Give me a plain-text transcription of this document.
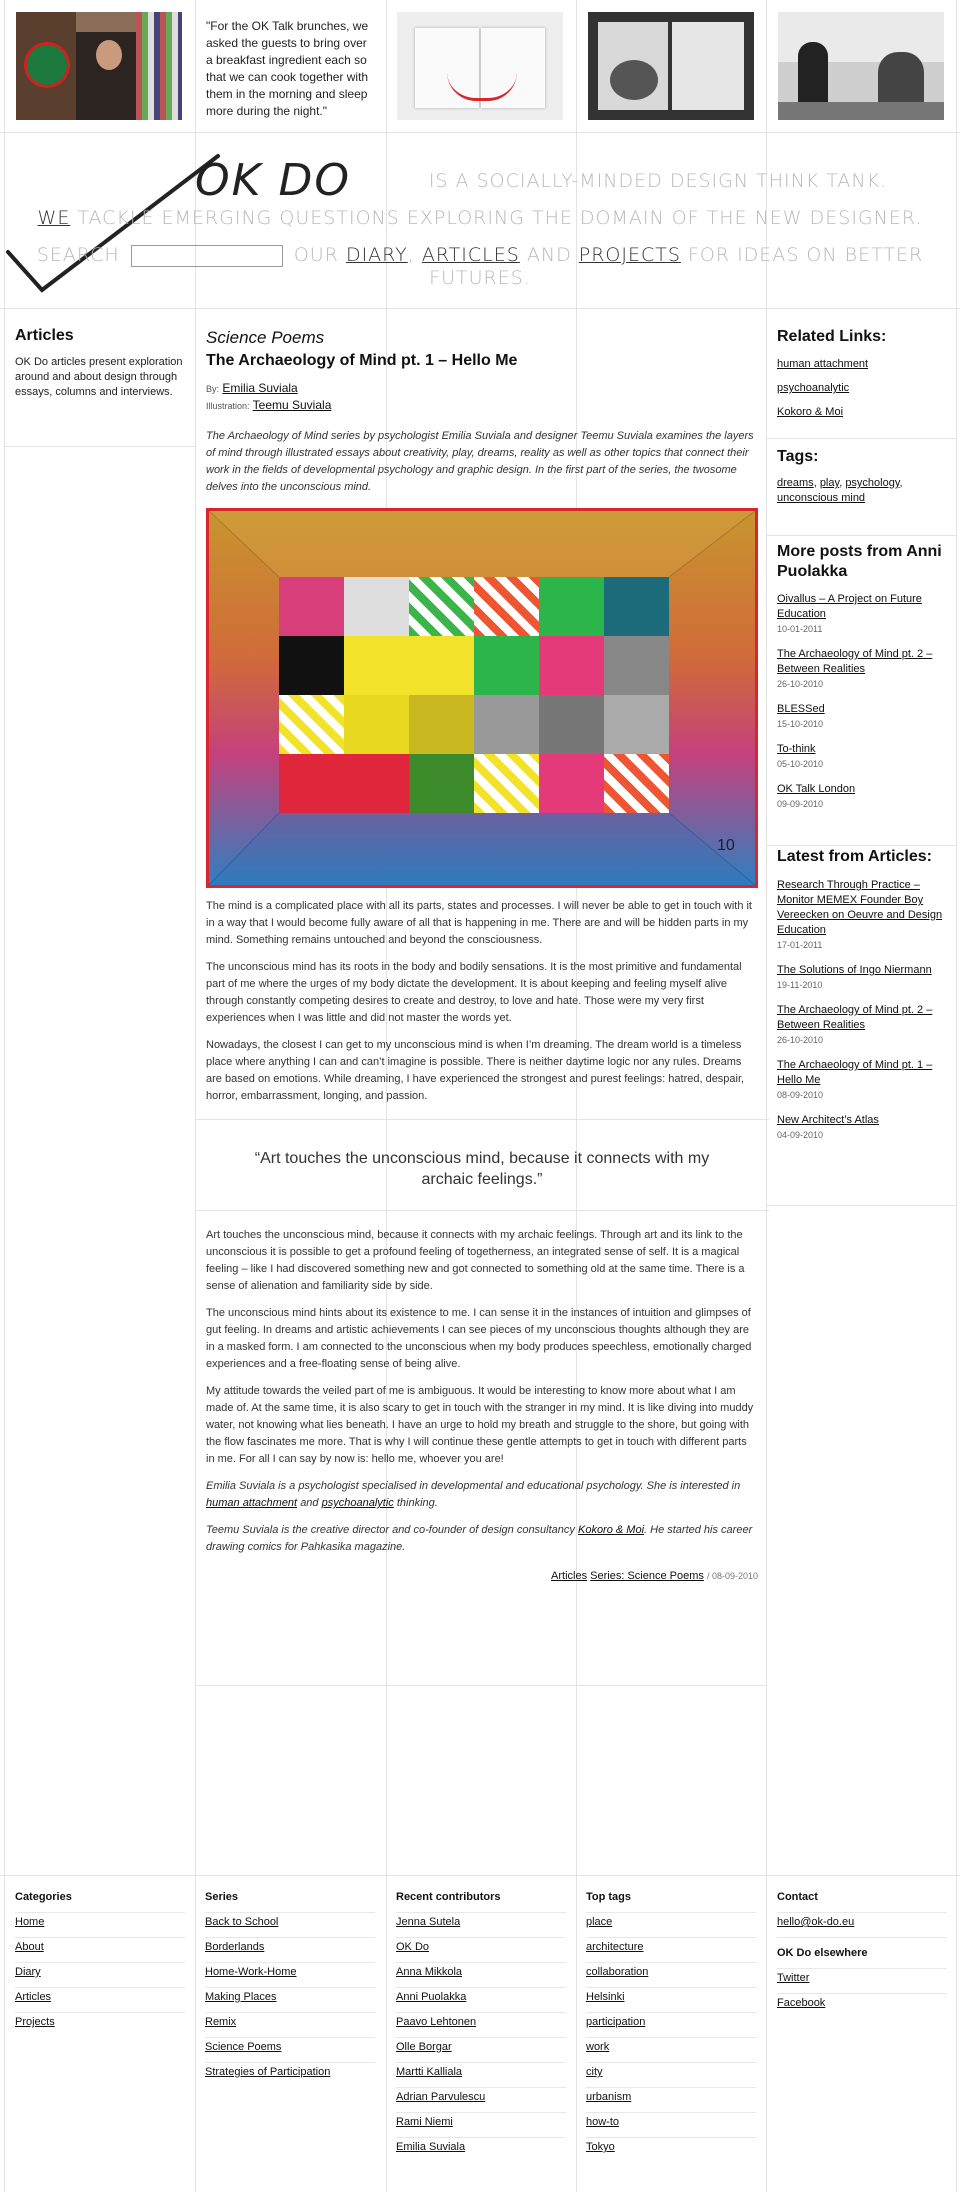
"For the OK Talk brunches, we asked the guests to bring over a breakfast ingredient each so that we can cook together with them in the morning and sleep more during the night."
OK DO	IS A SOCIALLY-MINDED DESIGN THINK TANK.
WE TACKLE EMERGING QUESTIONS EXPLORING THE DOMAIN OF THE NEW DESIGNER.
SEARCH	OUR DIARY, ARTICLES AND PROJECTS FOR IDEAS ON BETTER FUTURES.
Articles
OK Do articles present exploration around and about design through essays, columns and interviews.
Science Poems
The Archaeology of Mind pt. 1 – Hello Me
By: Emilia Suviala
Illustration: Teemu Suviala
The Archaeology of Mind series by psychologist Emilia Suviala and designer Teemu Suviala examines the layers of mind through illustrated essays about creativity, play, dreams, reality as well as other topics that connect their work in the fields of developmental psychology and graphic design. In the first part of the series, the twosome delves into the unconscious mind.
10

The mind is a complicated place with all its parts, states and processes. I will never be able to get in touch with it in a way that I would become fully aware of all that is happening in me. There are and will be hidden parts in my mind. Something remains untouched and beyond the consciousness.

The unconscious mind has its roots in the body and bodily sensations. It is the most primitive and fundamental part of me where the urges of my body dictate the development. It is about keeping and feeling myself alive through constantly competing desires to create and destroy, to love and hate. Those were my very first experiences when I was little and did not master the words yet.

Nowadays, the closest I can get to my unconscious mind is when I’m dreaming. The dream world is a timeless place where anything I can and can’t imagine is possible. There is neither daytime logic nor any rules. Dreams are based on emotions. While dreaming, I have experienced the strongest and purest feelings: hatred, despair, horror, embarrassment, longing, and passion.

“Art touches the unconscious mind, because it connects with my archaic feelings.”

Art touches the unconscious mind, because it connects with my archaic feelings. Through art and its link to the unconscious it is possible to get a profound feeling of togetherness, an integrated sense of self. It is a magical feeling – like I had discovered something new and got connected to something old at the same time. There is a sense of alienation and familiarity side by side.

The unconscious mind hints about its existence to me. I can sense it in the instances of intuition and glimpses of gut feeling. In dreams and artistic achievements I can see pieces of my unconscious thoughts although they are in a masked form. I am connected to the unconscious when my body produces speechless, emotionally charged experiences and a free-floating sense of being alive.

My attitude towards the veiled part of me is ambiguous. It would be interesting to know more about what I am made of. At the same time, it is also scary to get in touch with the stranger in my mind. It is like diving into muddy water, not knowing what lies beneath. I have an urge to hold my breath and struggle to the shore, but going with the flow fascinates me more. That is why I will continue these gentle attempts to get in touch with different parts in me. For all I can say by now is: hello me, whoever you are!

Emilia Suviala is a psychologist specialised in developmental and educational psychology. She is interested in human attachment and psychoanalytic thinking.

Teemu Suviala is the creative director and co-founder of design consultancy Kokoro & Moi. He started his career drawing comics for Pahkasika magazine.

Articles Series: Science Poems / 08-09-2010
Related Links:
human attachment
psychoanalytic
Kokoro & Moi
Tags:
dreams, play, psychology, unconscious mind
More posts from Anni Puolakka
Oivallus – A Project on Future Education
10-01-2011
The Archaeology of Mind pt. 2 – Between Realities
26-10-2010
BLESSed
15-10-2010
To-think
05-10-2010
OK Talk London
09-09-2010
Latest from Articles:
Research Through Practice – Monitor MEMEX Founder Boy Vereecken on Oeuvre and Design Education
17-01-2011
The Solutions of Ingo Niermann
19-11-2010
The Archaeology of Mind pt. 2 – Between Realities
26-10-2010
The Archaeology of Mind pt. 1 – Hello Me
08-09-2010
New Architect’s Atlas
04-09-2010
Categories
Home
About
Diary
Articles
Projects
Series
Back to School
Borderlands
Home-Work-Home
Making Places
Remix
Science Poems
Strategies of Participation
Recent contributors
Jenna Sutela
OK Do
Anna Mikkola
Anni Puolakka
Paavo Lehtonen
Olle Borgar
Martti Kalliala
Adrian Parvulescu
Rami Niemi
Emilia Suviala
Top tags
place
architecture
collaboration
Helsinki
participation
work
city
urbanism
how-to
Tokyo
Contact
hello@ok-do.eu
OK Do elsewhere
Twitter
Facebook
